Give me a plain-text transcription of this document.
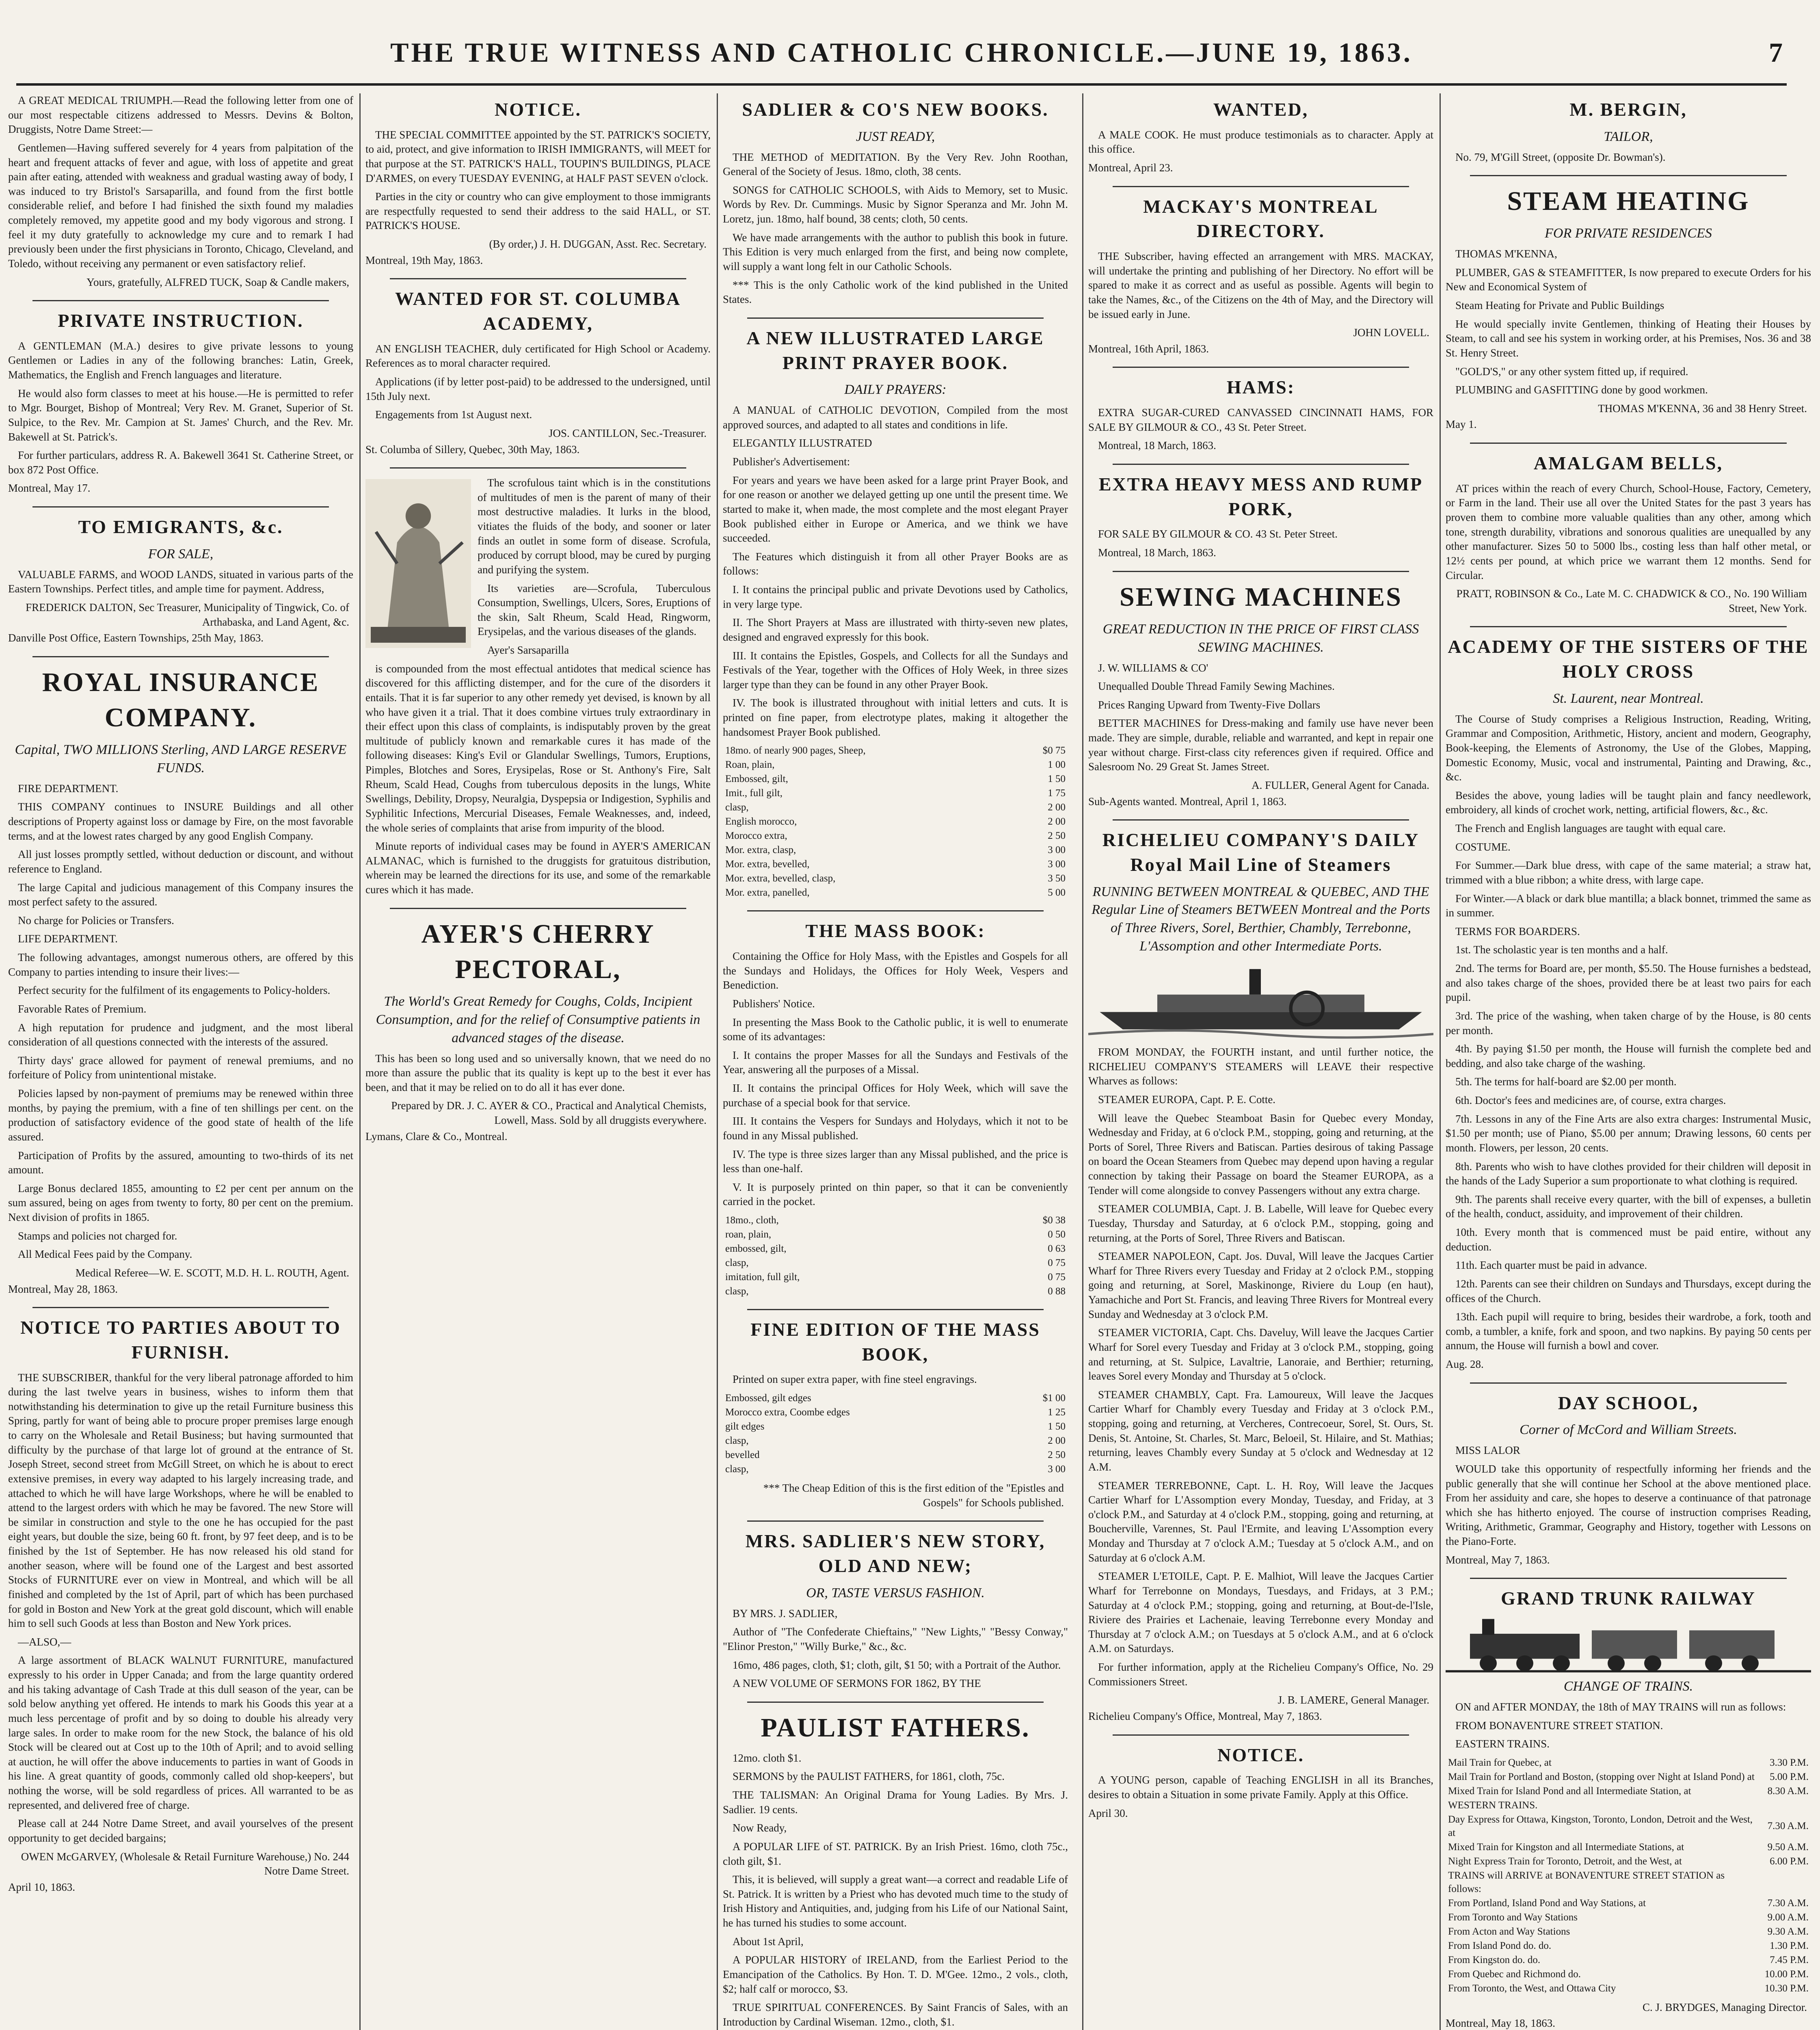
THE TRUE WITNESS AND CATHOLIC CHRONICLE.—JUNE 19, 1863.	7

A GREAT MEDICAL TRIUMPH.—Read the following letter from one of our most respectable citizens addressed to Messrs. Devins & Bolton, Druggists, Notre Dame Street:—

Gentlemen—Having suffered severely for 4 years from palpitation of the heart and frequent attacks of fever and ague, with loss of appetite and great pain after eating, attended with weakness and gradual wasting away of body, I was induced to try Bristol's Sarsaparilla, and found from the first bottle considerable relief, and before I had finished the sixth found my maladies completely removed, my appetite good and my body vigorous and strong. I feel it my duty gratefully to acknowledge my cure and to remark I had previously been under the first physicians in Toronto, Chicago, Cleveland, and Toledo, without receiving any permanent or even satisfactory relief.

Yours, gratefully, ALFRED TUCK, Soap & Candle makers,
PRIVATE INSTRUCTION.

A GENTLEMAN (M.A.) desires to give private lessons to young Gentlemen or Ladies in any of the following branches: Latin, Greek, Mathematics, the English and French languages and literature.

He would also form classes to meet at his house.—He is permitted to refer to Mgr. Bourget, Bishop of Montreal; Very Rev. M. Granet, Superior of St. Sulpice, to the Rev. Mr. Campion at St. James' Church, and the Rev. Mr. Bakewell at St. Patrick's.

For further particulars, address R. A. Bakewell 3641 St. Catherine Street, or box 872 Post Office.

Montreal, May 17.
TO EMIGRANTS, &c.
FOR SALE,

VALUABLE FARMS, and WOOD LANDS, situated in various parts of the Eastern Townships. Perfect titles, and ample time for payment. Address,

FREDERICK DALTON, Sec Treasurer, Municipality of Tingwick, Co. of Arthabaska, and Land Agent, &c.
Danville Post Office, Eastern Townships, 25th May, 1863.
ROYAL INSURANCE COMPANY.
Capital, TWO MILLIONS Sterling, AND LARGE RESERVE FUNDS.

FIRE DEPARTMENT.

THIS COMPANY continues to INSURE Buildings and all other descriptions of Property against loss or damage by Fire, on the most favorable terms, and at the lowest rates charged by any good English Company.

All just losses promptly settled, without deduction or discount, and without reference to England.

The large Capital and judicious management of this Company insures the most perfect safety to the assured.

No charge for Policies or Transfers.

LIFE DEPARTMENT.

The following advantages, amongst numerous others, are offered by this Company to parties intending to insure their lives:—

Perfect security for the fulfilment of its engagements to Policy-holders.

Favorable Rates of Premium.

A high reputation for prudence and judgment, and the most liberal consideration of all questions connected with the interests of the assured.

Thirty days' grace allowed for payment of renewal premiums, and no forfeiture of Policy from unintentional mistake.

Policies lapsed by non-payment of premiums may be renewed within three months, by paying the premium, with a fine of ten shillings per cent. on the production of satisfactory evidence of the good state of health of the life assured.

Participation of Profits by the assured, amounting to two-thirds of its net amount.

Large Bonus declared 1855, amounting to £2 per cent per annum on the sum assured, being on ages from twenty to forty, 80 per cent on the premium. Next division of profits in 1865.

Stamps and policies not charged for.

All Medical Fees paid by the Company.

Medical Referee—W. E. SCOTT, M.D. H. L. ROUTH, Agent.
Montreal, May 28, 1863.
NOTICE TO PARTIES ABOUT TO FURNISH.

THE SUBSCRIBER, thankful for the very liberal patronage afforded to him during the last twelve years in business, wishes to inform them that notwithstanding his determination to give up the retail Furniture business this Spring, partly for want of being able to procure proper premises large enough to carry on the Wholesale and Retail Business; but having surmounted that difficulty by the purchase of that large lot of ground at the entrance of St. Joseph Street, second street from McGill Street, on which he is about to erect extensive premises, in every way adapted to his largely increasing trade, and attached to which he will have large Workshops, where he will be enabled to attend to the largest orders with which he may be favored. The new Store will be similar in construction and style to the one he has occupied for the past eight years, but double the size, being 60 ft. front, by 97 feet deep, and is to be finished by the 1st of September. He has now released his old stand for another season, where will be found one of the Largest and best assorted Stocks of FURNITURE ever on view in Montreal, and which will be all finished and completed by the 1st of April, part of which has been purchased for gold in Boston and New York at the great gold discount, which will enable him to sell such Goods at less than Boston and New York prices.

—ALSO,—

A large assortment of BLACK WALNUT FURNITURE, manufactured expressly to his order in Upper Canada; and from the large quantity ordered and his taking advantage of Cash Trade at this dull season of the year, can be sold below anything yet offered. He intends to mark his Goods this year at a much less percentage of profit and by so doing to double his already very large sales. In order to make room for the new Stock, the balance of his old Stock will be cleared out at Cost up to the 10th of April; and to avoid selling at auction, he will offer the above inducements to parties in want of Goods in his line. A great quantity of goods, commonly called old shop-keepers', but nothing the worse, will be sold regardless of prices. All warranted to be as represented, and delivered free of charge.

Please call at 244 Notre Dame Street, and avail yourselves of the present opportunity to get decided bargains;

OWEN McGARVEY, (Wholesale & Retail Furniture Warehouse,) No. 244 Notre Dame Street.
April 10, 1863.
NOTICE.

THE SPECIAL COMMITTEE appointed by the ST. PATRICK'S SOCIETY, to aid, protect, and give information to IRISH IMMIGRANTS, will MEET for that purpose at the ST. PATRICK'S HALL, TOUPIN'S BUILDINGS, PLACE D'ARMES, on every TUESDAY EVENING, at HALF PAST SEVEN o'clock.

Parties in the city or country who can give employment to those immigrants are respectfully requested to send their address to the said HALL, or ST. PATRICK'S HOUSE.

(By order,) J. H. DUGGAN, Asst. Rec. Secretary.
Montreal, 19th May, 1863.
WANTED FOR ST. COLUMBA ACADEMY,

AN ENGLISH TEACHER, duly certificated for High School or Academy. References as to moral character required.

Applications (if by letter post-paid) to be addressed to the undersigned, until 15th July next.

Engagements from 1st August next.

JOS. CANTILLON, Sec.-Treasurer.
St. Columba of Sillery, Quebec, 30th May, 1863.

The scrofulous taint which is in the constitutions of multitudes of men is the parent of many of their most destructive maladies. It lurks in the blood, vitiates the fluids of the body, and sooner or later finds an outlet in some form of disease. Scrofula, produced by corrupt blood, may be cured by purging and purifying the system.

Its varieties are—Scrofula, Tuberculous Consumption, Swellings, Ulcers, Sores, Eruptions of the skin, Salt Rheum, Scald Head, Ringworm, Erysipelas, and the various diseases of the glands.

Ayer's Sarsaparilla

is compounded from the most effectual antidotes that medical science has discovered for this afflicting distemper, and for the cure of the disorders it entails. That it is far superior to any other remedy yet devised, is known by all who have given it a trial. That it does combine virtues truly extraordinary in their effect upon this class of complaints, is indisputably proven by the great multitude of publicly known and remarkable cures it has made of the following diseases: King's Evil or Glandular Swellings, Tumors, Eruptions, Pimples, Blotches and Sores, Erysipelas, Rose or St. Anthony's Fire, Salt Rheum, Scald Head, Coughs from tuberculous deposits in the lungs, White Swellings, Debility, Dropsy, Neuralgia, Dyspepsia or Indigestion, Syphilis and Syphilitic Infections, Mercurial Diseases, Female Weaknesses, and, indeed, the whole series of complaints that arise from impurity of the blood.

Minute reports of individual cases may be found in AYER'S AMERICAN ALMANAC, which is furnished to the druggists for gratuitous distribution, wherein may be learned the directions for its use, and some of the remarkable cures which it has made.

AYER'S CHERRY PECTORAL,
The World's Great Remedy for Coughs, Colds, Incipient Consumption, and for the relief of Consumptive patients in advanced stages of the disease.

This has been so long used and so universally known, that we need do no more than assure the public that its quality is kept up to the best it ever has been, and that it may be relied on to do all it has ever done.

Prepared by DR. J. C. AYER & CO., Practical and Analytical Chemists, Lowell, Mass. Sold by all druggists everywhere.
Lymans, Clare & Co., Montreal.
SADLIER & CO'S NEW BOOKS.
JUST READY,

THE METHOD of MEDITATION. By the Very Rev. John Roothan, General of the Society of Jesus. 18mo, cloth, 38 cents.

SONGS for CATHOLIC SCHOOLS, with Aids to Memory, set to Music. Words by Rev. Dr. Cummings. Music by Signor Speranza and Mr. John M. Loretz, jun. 18mo, half bound, 38 cents; cloth, 50 cents.

We have made arrangements with the author to publish this book in future. This Edition is very much enlarged from the first, and being now complete, will supply a want long felt in our Catholic Schools.

*** This is the only Catholic work of the kind published in the United States.

A NEW ILLUSTRATED LARGE PRINT PRAYER BOOK.
DAILY PRAYERS:

A MANUAL of CATHOLIC DEVOTION, Compiled from the most approved sources, and adapted to all states and conditions in life.

ELEGANTLY ILLUSTRATED

Publisher's Advertisement:

For years and years we have been asked for a large print Prayer Book, and for one reason or another we delayed getting up one until the present time. We started to make it, when made, the most complete and the most elegant Prayer Book published either in Europe or America, and we think we have succeeded.

The Features which distinguish it from all other Prayer Books are as follows:

I. It contains the principal public and private Devotions used by Catholics, in very large type.

II. The Short Prayers at Mass are illustrated with thirty-seven new plates, designed and engraved expressly for this book.

III. It contains the Epistles, Gospels, and Collects for all the Sundays and Festivals of the Year, together with the Offices of Holy Week, in three sizes larger type than they can be found in any other Prayer Book.

IV. The book is illustrated throughout with initial letters and cuts. It is printed on fine paper, from electrotype plates, making it altogether the handsomest Prayer Book published.

18mo. of nearly 900 pages, Sheep,	$0 75
Roan, plain,	1 00
Embossed, gilt,	1 50
Imit., full gilt,	1 75
clasp,	2 00
English morocco,	2 00
Morocco extra,	2 50
Mor. extra, clasp,	3 00
Mor. extra, bevelled,	3 00
Mor. extra, bevelled, clasp,	3 50
Mor. extra, panelled,	5 00
THE MASS BOOK:

Containing the Office for Holy Mass, with the Epistles and Gospels for all the Sundays and Holidays, the Offices for Holy Week, Vespers and Benediction.

Publishers' Notice.

In presenting the Mass Book to the Catholic public, it is well to enumerate some of its advantages:

I. It contains the proper Masses for all the Sundays and Festivals of the Year, answering all the purposes of a Missal.

II. It contains the principal Offices for Holy Week, which will save the purchase of a special book for that service.

III. It contains the Vespers for Sundays and Holydays, which it not to be found in any Missal published.

IV. The type is three sizes larger than any Missal published, and the price is less than one-half.

V. It is purposely printed on thin paper, so that it can be conveniently carried in the pocket.

18mo., cloth,	$0 38
roan, plain,	0 50
embossed, gilt,	0 63
clasp,	0 75
imitation, full gilt,	0 75
clasp,	0 88
FINE EDITION OF THE MASS BOOK,

Printed on super extra paper, with fine steel engravings.

Embossed, gilt edges	$1 00
Morocco extra, Coombe edges	1 25
gilt edges	1 50
clasp,	2 00
bevelled	2 50
clasp,	3 00
*** The Cheap Edition of this is the first edition of the "Epistles and Gospels" for Schools published.
MRS. SADLIER'S NEW STORY, OLD AND NEW;
OR, TASTE VERSUS FASHION.

BY MRS. J. SADLIER,

Author of "The Confederate Chieftains," "New Lights," "Bessy Conway," "Elinor Preston," "Willy Burke," &c., &c.

16mo, 486 pages, cloth, $1; cloth, gilt, $1 50; with a Portrait of the Author.

A NEW VOLUME OF SERMONS FOR 1862, BY THE

PAULIST FATHERS.

12mo. cloth $1.

SERMONS by the PAULIST FATHERS, for 1861, cloth, 75c.

THE TALISMAN: An Original Drama for Young Ladies. By Mrs. J. Sadlier. 19 cents.

Now Ready,

A POPULAR LIFE of ST. PATRICK. By an Irish Priest. 16mo, cloth 75c., cloth gilt, $1.

This, it is believed, will supply a great want—a correct and readable Life of St. Patrick. It is written by a Priest who has devoted much time to the study of Irish History and Antiquities, and, judging from his Life of our National Saint, he has turned his studies to some account.

About 1st April,

A POPULAR HISTORY of IRELAND, from the Earliest Period to the Emancipation of the Catholics. By Hon. T. D. M'Gee. 12mo., 2 vols., cloth, $2; half calf or morocco, $3.

TRUE SPIRITUAL CONFERENCES. By Saint Francis of Sales, with an Introduction by Cardinal Wiseman. 12mo., cloth, $1.

WANTED,

A MALE COOK. He must produce testimonials as to character. Apply at this office.

Montreal, April 23.
MACKAY'S MONTREAL DIRECTORY.

THE Subscriber, having effected an arrangement with MRS. MACKAY, will undertake the printing and publishing of her Directory. No effort will be spared to make it as correct and as useful as possible. Agents will begin to take the Names, &c., of the Citizens on the 4th of May, and the Directory will be issued early in June.

JOHN LOVELL.
Montreal, 16th April, 1863.
HAMS:

EXTRA SUGAR-CURED CANVASSED CINCINNATI HAMS, FOR SALE BY GILMOUR & CO., 43 St. Peter Street.

Montreal, 18 March, 1863.

EXTRA HEAVY MESS AND RUMP PORK,

FOR SALE BY GILMOUR & CO. 43 St. Peter Street.

Montreal, 18 March, 1863.

SEWING MACHINES
GREAT REDUCTION IN THE PRICE OF FIRST CLASS SEWING MACHINES.

J. W. WILLIAMS & CO'

Unequalled Double Thread Family Sewing Machines.

Prices Ranging Upward from Twenty-Five Dollars

BETTER MACHINES for Dress-making and family use have never been made. They are simple, durable, reliable and warranted, and kept in repair one year without charge. First-class city references given if required. Office and Salesroom No. 29 Great St. James Street.

A. FULLER, General Agent for Canada.
Sub-Agents wanted. Montreal, April 1, 1863.
RICHELIEU COMPANY'S DAILY Royal Mail Line of Steamers
RUNNING BETWEEN MONTREAL & QUEBEC, AND THE Regular Line of Steamers BETWEEN Montreal and the Ports of Three Rivers, Sorel, Berthier, Chambly, Terrebonne, L'Assomption and other Intermediate Ports.

FROM MONDAY, the FOURTH instant, and until further notice, the RICHELIEU COMPANY'S STEAMERS will LEAVE their respective Wharves as follows:

STEAMER EUROPA, Capt. P. E. Cotte.

Will leave the Quebec Steamboat Basin for Quebec every Monday, Wednesday and Friday, at 6 o'clock P.M., stopping, going and returning, at the Ports of Sorel, Three Rivers and Batiscan. Parties desirous of taking Passage on board the Ocean Steamers from Quebec may depend upon having a regular connection by taking their Passage on board the Steamer EUROPA, as a Tender will come alongside to convey Passengers without any extra charge.

STEAMER COLUMBIA, Capt. J. B. Labelle, Will leave for Quebec every Tuesday, Thursday and Saturday, at 6 o'clock P.M., stopping, going and returning, at the Ports of Sorel, Three Rivers and Batiscan.

STEAMER NAPOLEON, Capt. Jos. Duval, Will leave the Jacques Cartier Wharf for Three Rivers every Tuesday and Friday at 2 o'clock P.M., stopping going and returning, at Sorel, Maskinonge, Riviere du Loup (en haut), Yamachiche and Port St. Francis, and leaving Three Rivers for Montreal every Sunday and Wednesday at 3 o'clock P.M.

STEAMER VICTORIA, Capt. Chs. Daveluy, Will leave the Jacques Cartier Wharf for Sorel every Tuesday and Friday at 3 o'clock P.M., stopping, going and returning, at St. Sulpice, Lavaltrie, Lanoraie, and Berthier; returning, leaves Sorel every Monday and Thursday at 5 o'clock.

STEAMER CHAMBLY, Capt. Fra. Lamoureux, Will leave the Jacques Cartier Wharf for Chambly every Tuesday and Friday at 3 o'clock P.M., stopping, going and returning, at Vercheres, Contrecoeur, Sorel, St. Ours, St. Denis, St. Antoine, St. Charles, St. Marc, Beloeil, St. Hilaire, and St. Mathias; returning, leaves Chambly every Sunday at 5 o'clock and Wednesday at 12 A.M.

STEAMER TERREBONNE, Capt. L. H. Roy, Will leave the Jacques Cartier Wharf for L'Assomption every Monday, Tuesday, and Friday, at 3 o'clock P.M., and Saturday at 4 o'clock P.M., stopping, going and returning, at Boucherville, Varennes, St. Paul l'Ermite, and leaving L'Assomption every Monday and Thursday at 7 o'clock A.M.; Tuesday at 5 o'clock A.M., and on Saturday at 6 o'clock A.M.

STEAMER L'ETOILE, Capt. P. E. Malhiot, Will leave the Jacques Cartier Wharf for Terrebonne on Mondays, Tuesdays, and Fridays, at 3 P.M.; Saturday at 4 o'clock P.M.; stopping, going and returning, at Bout-de-l'Isle, Riviere des Prairies et Lachenaie, leaving Terrebonne every Monday and Thursday at 7 o'clock A.M.; on Tuesdays at 5 o'clock A.M., and at 6 o'clock A.M. on Saturdays.

For further information, apply at the Richelieu Company's Office, No. 29 Commissioners Street.

J. B. LAMERE, General Manager.
Richelieu Company's Office, Montreal, May 7, 1863.
NOTICE.

A YOUNG person, capable of Teaching ENGLISH in all its Branches, desires to obtain a Situation in some private Family. Apply at this Office.

April 30.
M. BERGIN,
TAILOR,

No. 79, M'Gill Street, (opposite Dr. Bowman's).

STEAM HEATING
FOR PRIVATE RESIDENCES

THOMAS M'KENNA,

PLUMBER, GAS & STEAMFITTER, Is now prepared to execute Orders for his New and Economical System of

Steam Heating for Private and Public Buildings

He would specially invite Gentlemen, thinking of Heating their Houses by Steam, to call and see his system in working order, at his Premises, Nos. 36 and 38 St. Henry Street.

"GOLD'S," or any other system fitted up, if required.

PLUMBING and GASFITTING done by good workmen.

THOMAS M'KENNA, 36 and 38 Henry Street.
May 1.
AMALGAM BELLS,

AT prices within the reach of every Church, School-House, Factory, Cemetery, or Farm in the land. Their use all over the United States for the past 3 years has proven them to combine more valuable qualities than any other, among which tone, strength durability, vibrations and sonorous qualities are unequalled by any other manufacturer. Sizes 50 to 5000 lbs., costing less than half other metal, or 12½ cents per pound, at which price we warrant them 12 months. Send for Circular.

PRATT, ROBINSON & Co., Late M. C. CHADWICK & CO., No. 190 William Street, New York.
ACADEMY OF THE SISTERS OF THE HOLY CROSS
St. Laurent, near Montreal.

The Course of Study comprises a Religious Instruction, Reading, Writing, Grammar and Composition, Arithmetic, History, ancient and modern, Geography, Book-keeping, the Elements of Astronomy, the Use of the Globes, Mapping, Domestic Economy, Music, vocal and instrumental, Painting and Drawing, &c., &c.

Besides the above, young ladies will be taught plain and fancy needlework, embroidery, all kinds of crochet work, netting, artificial flowers, &c., &c.

The French and English languages are taught with equal care.

COSTUME.

For Summer.—Dark blue dress, with cape of the same material; a straw hat, trimmed with a blue ribbon; a white dress, with large cape.

For Winter.—A black or dark blue mantilla; a black bonnet, trimmed the same as in summer.

TERMS FOR BOARDERS.

1st. The scholastic year is ten months and a half.

2nd. The terms for Board are, per month, $5.50. The House furnishes a bedstead, and also takes charge of the shoes, provided there be at least two pairs for each pupil.

3rd. The price of the washing, when taken charge of by the House, is 80 cents per month.

4th. By paying $1.50 per month, the House will furnish the complete bed and bedding, and also take charge of the washing.

5th. The terms for half-board are $2.00 per month.

6th. Doctor's fees and medicines are, of course, extra charges.

7th. Lessons in any of the Fine Arts are also extra charges: Instrumental Music, $1.50 per month; use of Piano, $5.00 per annum; Drawing lessons, 60 cents per month. Flowers, per lesson, 20 cents.

8th. Parents who wish to have clothes provided for their children will deposit in the hands of the Lady Superior a sum proportionate to what clothing is required.

9th. The parents shall receive every quarter, with the bill of expenses, a bulletin of the health, conduct, assiduity, and improvement of their children.

10th. Every month that is commenced must be paid entire, without any deduction.

11th. Each quarter must be paid in advance.

12th. Parents can see their children on Sundays and Thursdays, except during the offices of the Church.

13th. Each pupil will require to bring, besides their wardrobe, a fork, tooth and comb, a tumbler, a knife, fork and spoon, and two napkins. By paying 50 cents per annum, the House will furnish a bowl and cover.

Aug. 28.
DAY SCHOOL,
Corner of McCord and William Streets.

MISS LALOR

WOULD take this opportunity of respectfully informing her friends and the public generally that she will continue her School at the above mentioned place. From her assiduity and care, she hopes to deserve a continuance of that patronage which she has hitherto enjoyed. The course of instruction comprises Reading, Writing, Arithmetic, Grammar, Geography and History, together with Lessons on the Piano-Forte.

Montreal, May 7, 1863.
GRAND TRUNK RAILWAY
CHANGE OF TRAINS.

ON and AFTER MONDAY, the 18th of MAY TRAINS will run as follows:

FROM BONAVENTURE STREET STATION.

EASTERN TRAINS.

Mail Train for Quebec, at	3.30 P.M.
Mail Train for Portland and Boston, (stopping over Night at Island Pond) at	5.00 P.M.
Mixed Train for Island Pond and all Intermediate Station, at	8.30 A.M.
WESTERN TRAINS.	
Day Express for Ottawa, Kingston, Toronto, London, Detroit and the West, at	7.30 A.M.
Mixed Train for Kingston and all Intermediate Stations, at	9.50 A.M.
Night Express Train for Toronto, Detroit, and the West, at	6.00 P.M.
TRAINS will ARRIVE at BONAVENTURE STREET STATION as follows:	
From Portland, Island Pond and Way Stations, at	7.30 A.M.
From Toronto and Way Stations	9.00 A.M.
From Acton and Way Stations	9.30 A.M.
From Island Pond do. do.	1.30 P.M.
From Kingston do. do.	7.45 P.M.
From Quebec and Richmond do.	10.00 P.M.
From Toronto, the West, and Ottawa City	10.30 P.M.
C. J. BRYDGES, Managing Director.
Montreal, May 18, 1863.
